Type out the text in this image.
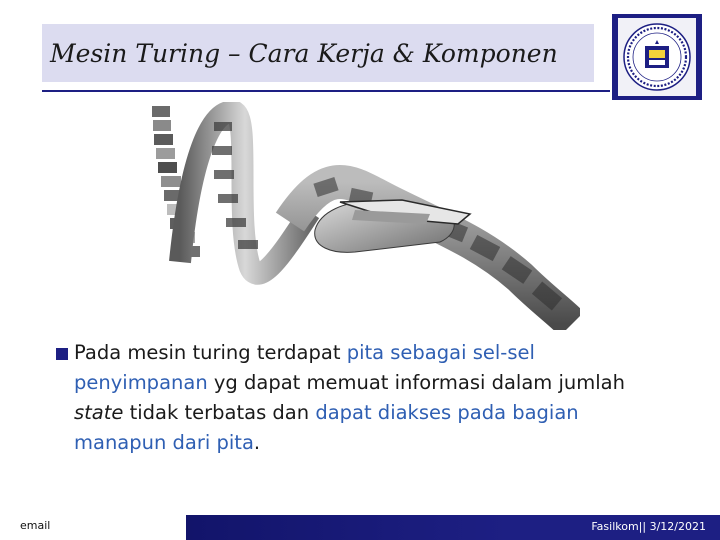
Mesin Turing – Cara Kerja & Komponen
Pada mesin turing terdapat pita sebagai sel-sel penyimpanan yg dapat memuat informasi dalam jumlah state tidak terbatas dan dapat diakses pada bagian manapun dari pita.
email	Fasilkom|| 3/12/2021
